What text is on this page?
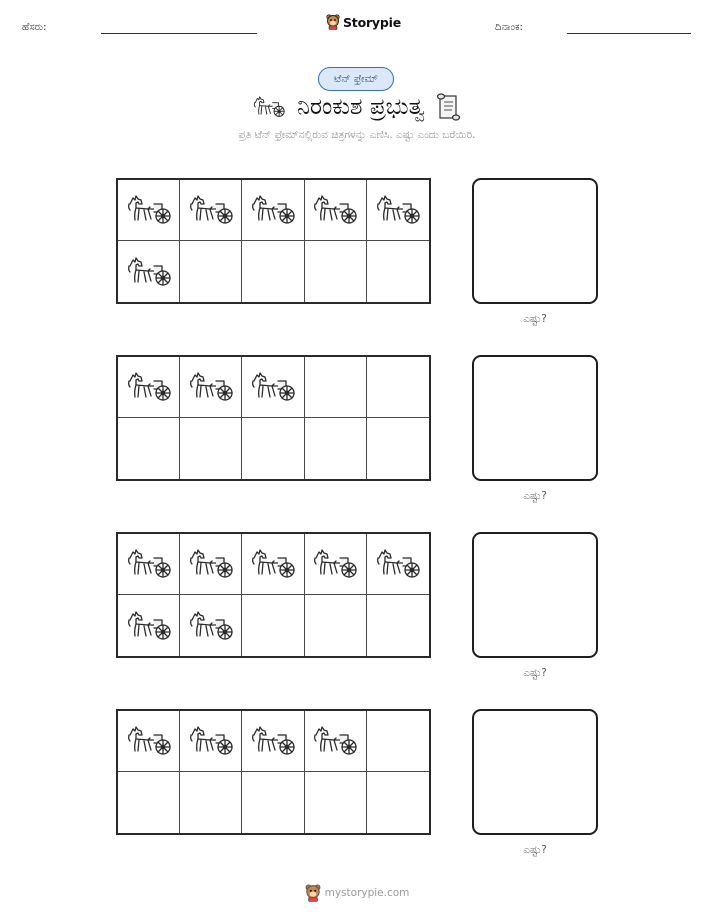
ಹೆಸರು:	Storypie	ದಿನಾಂಕ:
ಟೆನ್ ಫ್ರೇಮ್
ನಿರಂಕುಶ ಪ್ರಭುತ್ವ
ಪ್ರತಿ ಟೆನ್ ಫ್ರೇಮ್‌ನಲ್ಲಿರುವ ಚಿತ್ರಗಳನ್ನು ಎಣಿಸಿ. ಎಷ್ಟು ಎಂದು ಬರೆಯಿರಿ.
ಎಷ್ಟು?
ಎಷ್ಟು?
ಎಷ್ಟು?
ಎಷ್ಟು?
mystorypie.com
